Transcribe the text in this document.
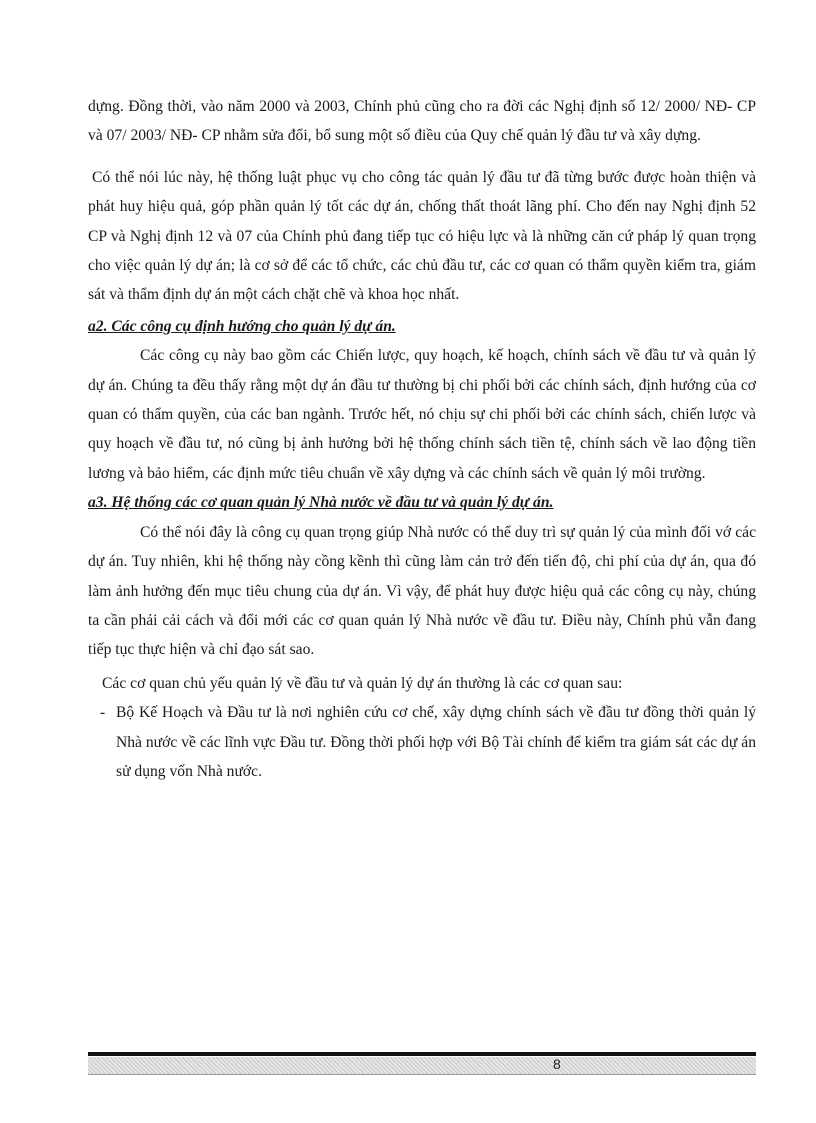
dựng. Đồng thời, vào năm 2000 và 2003, Chính phủ cũng cho ra đời các Nghị định số 12/ 2000/ NĐ- CP và 07/ 2003/ NĐ- CP nhằm sửa đổi, bổ sung một số điều của Quy chế quản lý đầu tư và xây dựng.

Có thể nói lúc này, hệ thống luật phục vụ cho công tác quản lý đầu tư đã từng bước được hoàn thiện và phát huy hiệu quả, góp phần quản lý tốt các dự án, chống thất thoát lãng phí. Cho đến nay Nghị định 52 CP và Nghị định 12 và 07 của Chính phủ đang tiếp tục có hiệu lực và là những căn cứ pháp lý quan trọng cho việc quản lý dự án; là cơ sở để các tổ chức, các chủ đầu tư, các cơ quan có thẩm quyền kiểm tra, giám sát và thẩm định dự án một cách chặt chẽ và khoa học nhất.

a2. Các công cụ định hướng cho quản lý dự án.

Các công cụ này bao gồm các Chiến lược, quy hoạch, kế hoạch, chính sách về đầu tư và quản lý dự án. Chúng ta đều thấy rằng một dự án đầu tư thường bị chi phối bởi các chính sách, định hướng của cơ quan có thẩm quyền, của các ban ngành. Trước hết, nó chịu sự chi phối bởi các chính sách, chiến lược và quy hoạch về đầu tư, nó cũng bị ảnh hưởng bởi hệ thống chính sách tiền tệ, chính sách về lao động tiền lương và bảo hiểm, các định mức tiêu chuẩn về xây dựng và các chính sách về quản lý môi trường.

a3. Hệ thống các cơ quan quản lý Nhà nước về đầu tư và quản lý dự án.

Có thể nói đây là công cụ quan trọng giúp Nhà nước có thể duy trì sự quản lý của mình đối vớ các dự án. Tuy nhiên, khi hệ thống này cồng kềnh thì cũng làm cản trở đến tiến độ, chi phí của dự án, qua đó làm ảnh hưởng đến mục tiêu chung của dự án. Vì vậy, để phát huy được hiệu quả các công cụ này, chúng ta cần phải cải cách và đổi mới các cơ quan quản lý Nhà nước về đầu tư. Điều này, Chính phủ vẫn đang tiếp tục thực hiện và chỉ đạo sát sao.

Các cơ quan chủ yếu quản lý về đầu tư và quản lý dự án thường là các cơ quan sau:

- Bộ Kế Hoạch và Đầu tư là nơi nghiên cứu cơ chế, xây dựng chính sách về đầu tư đồng thời quản lý Nhà nước về các lĩnh vực Đầu tư. Đồng thời phối hợp với Bộ Tài chính để kiểm tra giám sát các dự án sử dụng vốn Nhà nước.
8
